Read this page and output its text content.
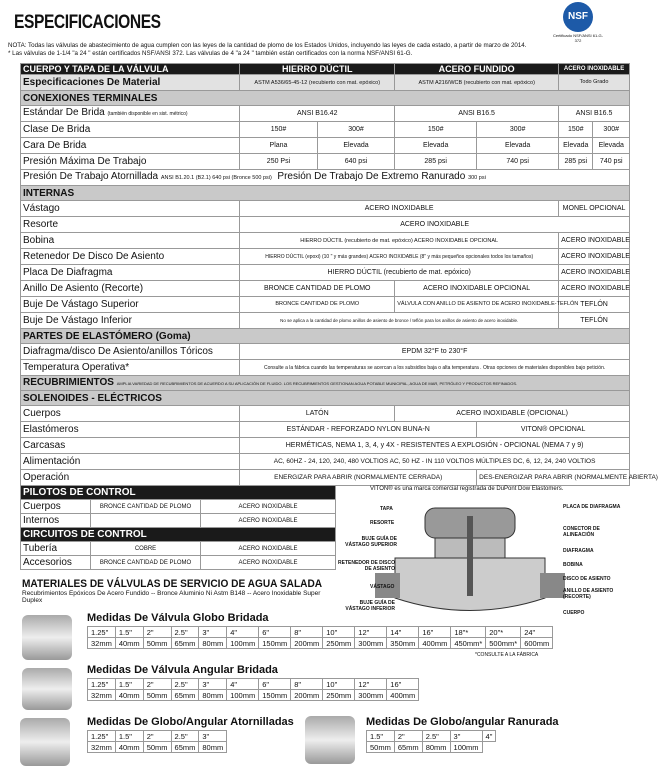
ESPECIFICACIONES	NSF
Certificado NSF/ANSI 61-G-372
NOTA: Todas las válvulas de abastecimiento de agua cumplen con las leyes de la cantidad de plomo de los Estados Unidos, incluyendo las leyes de cada estado, a partir de marzo de 2014.
* Las válvulas de 1-1/4 "a 24 " están certificados NSF/ANSI 372. Las válvulas de 4 "a 24 " también están certificados con la norma NSF/ANSI 61-G.
CUERPO Y TAPA DE LA VÁLVULA	HIERRO DÚCTIL		ACERO FUNDIDO		ACERO INOXIDABLE	
Especificaciones De Material	ASTM A536/65-45-12 (recubierto con mat. epóxico)		ASTM A216/WCB (recubierto con mat. epóxico)		Todo Grado	
CONEXIONES TERMINALES						
Estándar De Brida (también disponible en sist. métrico)	ANSI B16.42		ANSI B16.5		ANSI B16.5	
Clase De Brida	150#	300#	150#	300#	150#	300#
Cara De Brida	Plana	Elevada	Elevada	Elevada	Elevada	Elevada
Presión Máxima De Trabajo	250 Psi	640 psi	285 psi	740 psi	285 psi	740 psi
Presión De Trabajo Atornillada ANSI B1.20.1 (B2.1) 640 psi (Bronce 500 psi) Presión De Trabajo De Extremo Ranurado 300 psi						
INTERNAS						
Vástago	ACERO INOXIDABLE				MONEL OPCIONAL	
Resorte	ACERO INOXIDABLE					
Bobina	HIERRO DÚCTIL (recubierto de mat. epóxico) ACERO INOXIDABLE OPCIONAL				ACERO INOXIDABLE	
Retenedor De Disco De Asiento	HIERRO DÚCTIL (epoxi) (10 " y más grandes) ACERO INOXIDABLE (8" y más pequeños opcionales todos los tamaños)				ACERO INOXIDABLE	
Placa De Diafragma	HIERRO DÚCTIL (recubierto de mat. epóxico)				ACERO INOXIDABLE	
Anillo De Asiento (Recorte)	BRONCE CANTIDAD DE PLOMO		ACERO INOXIDABLE OPCIONAL		ACERO INOXIDABLE	
Buje De Vástago Superior	BRONCE CANTIDAD DE PLOMO		VÁLVULA CON ANILLO DE ASIENTO DE ACERO INOXIDABLE-TEFLÓN		TEFLÓN	
Buje De Vástago Inferior	No se aplica a la cantidad de plomo anillos de asiento de bronce / teflón para los anillos de asiento de acero inoxidable.				TEFLÓN	
PARTES DE ELASTÓMERO (Goma)						
Diafragma/disco De Asiento/anillos Tóricos	EPDM 32°F to 230°F					
Temperatura Operativa*	Consulte a la fábrica cuando las temperaturas se acercan a los subsidios baja o alta temperatura . Otras opciones de materiales disponibles bajo petición.					
RECUBRIMIENTOS AMPLIA VARIEDAD DE RECUBRIMIENTOS DE ACUERDO A SU APLICACIÓN DE FLUIDO. LOS RECUBRIMIENTOS GESTIONAN AGUA POTABLE MUNICIPAL, AGUA DE MAR, PETRÓLEO Y PRODUCTOS REFINADOS.						
SOLENOIDES - ELÉCTRICOS						
Cuerpos	LATÓN		ACERO INOXIDABLE (OPCIONAL)			
Elastómeros	ESTÁNDAR - REFORZADO NYLON BUNA-N			VITON® OPCIONAL		
Carcasas	HERMÉTICAS, NEMA 1, 3, 4, y 4X - RESISTENTES A EXPLOSIÓN - OPCIONAL (NEMA 7 y 9)					
Alimentación	AC, 60HZ - 24, 120, 240, 480 VOLTIOS AC, 50 HZ - IN 110 VOLTIOS MÚLTIPLES DC, 6, 12, 24, 240 VOLTIOS					
Operación	ENERGIZAR PARA ABRIR (NORMALMENTE CERRADA)			DES-ENERGIZAR PARA ABRIR (NORMALMENTE ABIERTA)		
PILOTOS DE CONTROL		
Cuerpos	BRONCE CANTIDAD DE PLOMO	ACERO INOXIDABLE
Internos		ACERO INOXIDABLE
CIRCUITOS DE CONTROL		
Tubería	COBRE	ACERO INOXIDABLE
Accesorios	BRONCE CANTIDAD DE PLOMO	ACERO INOXIDABLE
VITON® es una marca comercial registrada de DuPont Dow Elastomers.
TAPA
RESORTE
BUJE GUÍA DE VÁSTAGO SUPERIOR
RETENEDOR DE DISCO DE ASIENTO
VÁSTAGO
BUJE GUÍA DE VÁSTAGO INFERIOR
PLACA DE DIAFRAGMA
CONECTOR DE ALINEACIÓN
DIAFRAGMA
BOBINA
DISCO DE ASIENTO
ANILLO DE ASIENTO (RECORTE)
CUERPO
MATERIALES DE VÁLVULAS DE SERVICIO DE AGUA SALADA
Recubrimientos Epóxicos De Acero Fundido -- Bronce Aluminio Ni Astm B148 -- Acero Inoxidable Super Duplex
Medidas De Válvula Globo Bridada
1.25"	1.5"	2"	2.5"	3"	4"	6"	8"	10"	12"	14"	16"	18"*	20"*	24"
32mm	40mm	50mm	65mm	80mm	100mm	150mm	200mm	250mm	300mm	350mm	400mm	450mm*	500mm*	600mm
*CONSULTE A LA FÁBRICA
Medidas De Válvula Angular Bridada
1.25"	1.5"	2"	2.5"	3"	4"	6"	8"	10"	12"	16"
32mm	40mm	50mm	65mm	80mm	100mm	150mm	200mm	250mm	300mm	400mm
Medidas De Globo/Angular Atornilladas
1.25"	1.5"	2"	2.5"	3"
32mm	40mm	50mm	65mm	80mm
Medidas De Globo/angular Ranurada
1.5"	2"	2.5"	3"	4"
50mm	65mm	80mm	100mm	
